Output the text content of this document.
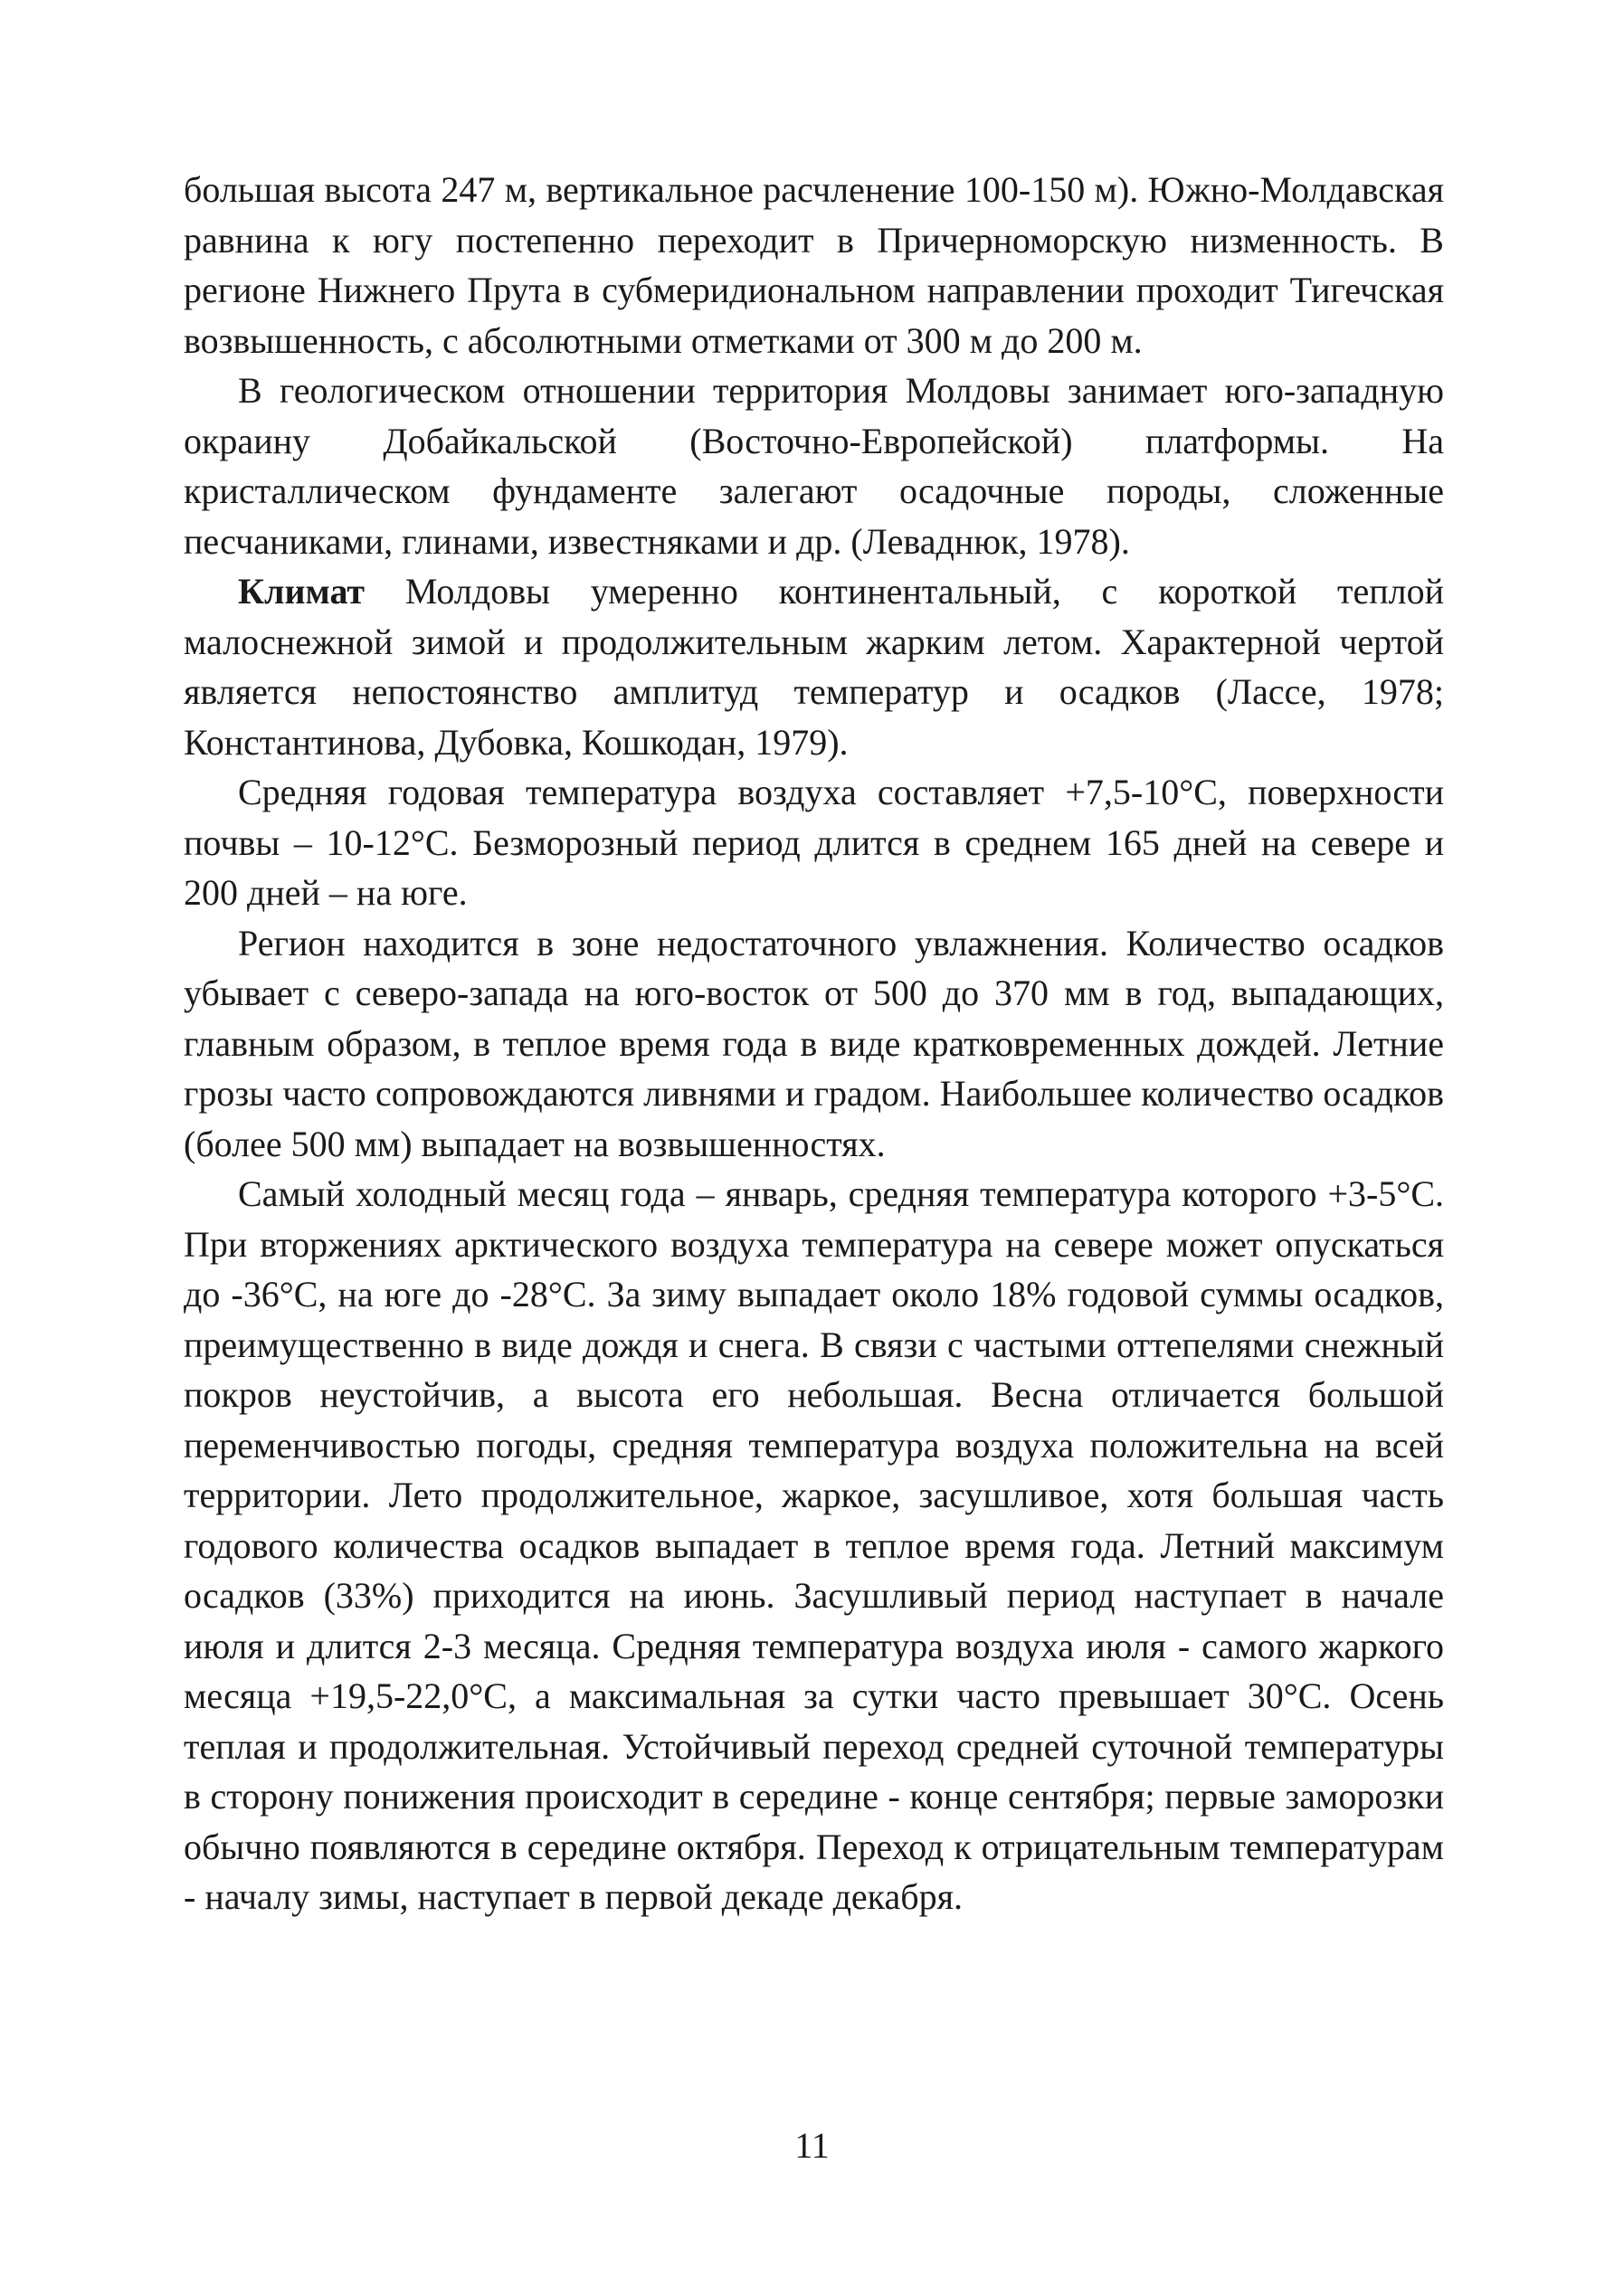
большая высота 247 м, вертикальное расчленение 100-150 м). Южно-Молдавская равнина к югу постепенно переходит в Причерноморскую низменность. В регионе Нижнего Прута в субмеридиональном направлении проходит Тигечская возвышенность, с абсолютными отметками от 300 м до 200 м.

В геологическом отношении территория Молдовы занимает юго-западную окраину Добайкальской (Восточно-Европейской) платформы. На кристаллическом фундаменте залегают осадочные породы, сложенные песчаниками, глинами, известняками и др. (Леваднюк, 1978).

Климат Молдовы умеренно континентальный, с короткой теплой малоснежной зимой и продолжительным жарким летом. Характерной чертой является непостоянство амплитуд температур и осадков (Лассе, 1978; Константинова, Дубовка, Кошкодан, 1979).

Средняя годовая температура воздуха составляет +7,5-10°С, поверхности почвы – 10-12°С. Безморозный период длится в среднем 165 дней на севере и 200 дней – на юге.

Регион находится в зоне недостаточного увлажнения. Количество осадков убывает с северо-запада на юго-восток от 500 до 370 мм в год, выпадающих, главным образом, в теплое время года в виде кратковременных дождей. Летние грозы часто сопровождаются ливнями и градом. Наибольшее количество осадков (более 500 мм) выпадает на возвышенностях.

Самый холодный месяц года – январь, средняя температура которого +3-5°С. При вторжениях арктического воздуха температура на севере может опускаться до -36°С, на юге до -28°С. За зиму выпадает около 18% годовой суммы осадков, преимущественно в виде дождя и снега. В связи с частыми оттепелями снежный покров неустойчив, а высота его небольшая. Весна отличается большой переменчивостью погоды, средняя температура воздуха положительна на всей территории. Лето продолжительное, жаркое, засушливое, хотя большая часть годового количества осадков выпадает в теплое время года. Летний максимум осадков (33%) приходится на июнь. Засушливый период наступает в начале июля и длится 2-3 месяца. Средняя температура воздуха июля - самого жаркого месяца +19,5-22,0°С, а максимальная за сутки часто превышает 30°С. Осень теплая и продолжительная. Устойчивый переход средней суточной температуры в сторону понижения происходит в середине - конце сентября; первые заморозки обычно появляются в середине октября. Переход к отрицательным температурам - началу зимы, наступает в первой декаде декабря.

11
